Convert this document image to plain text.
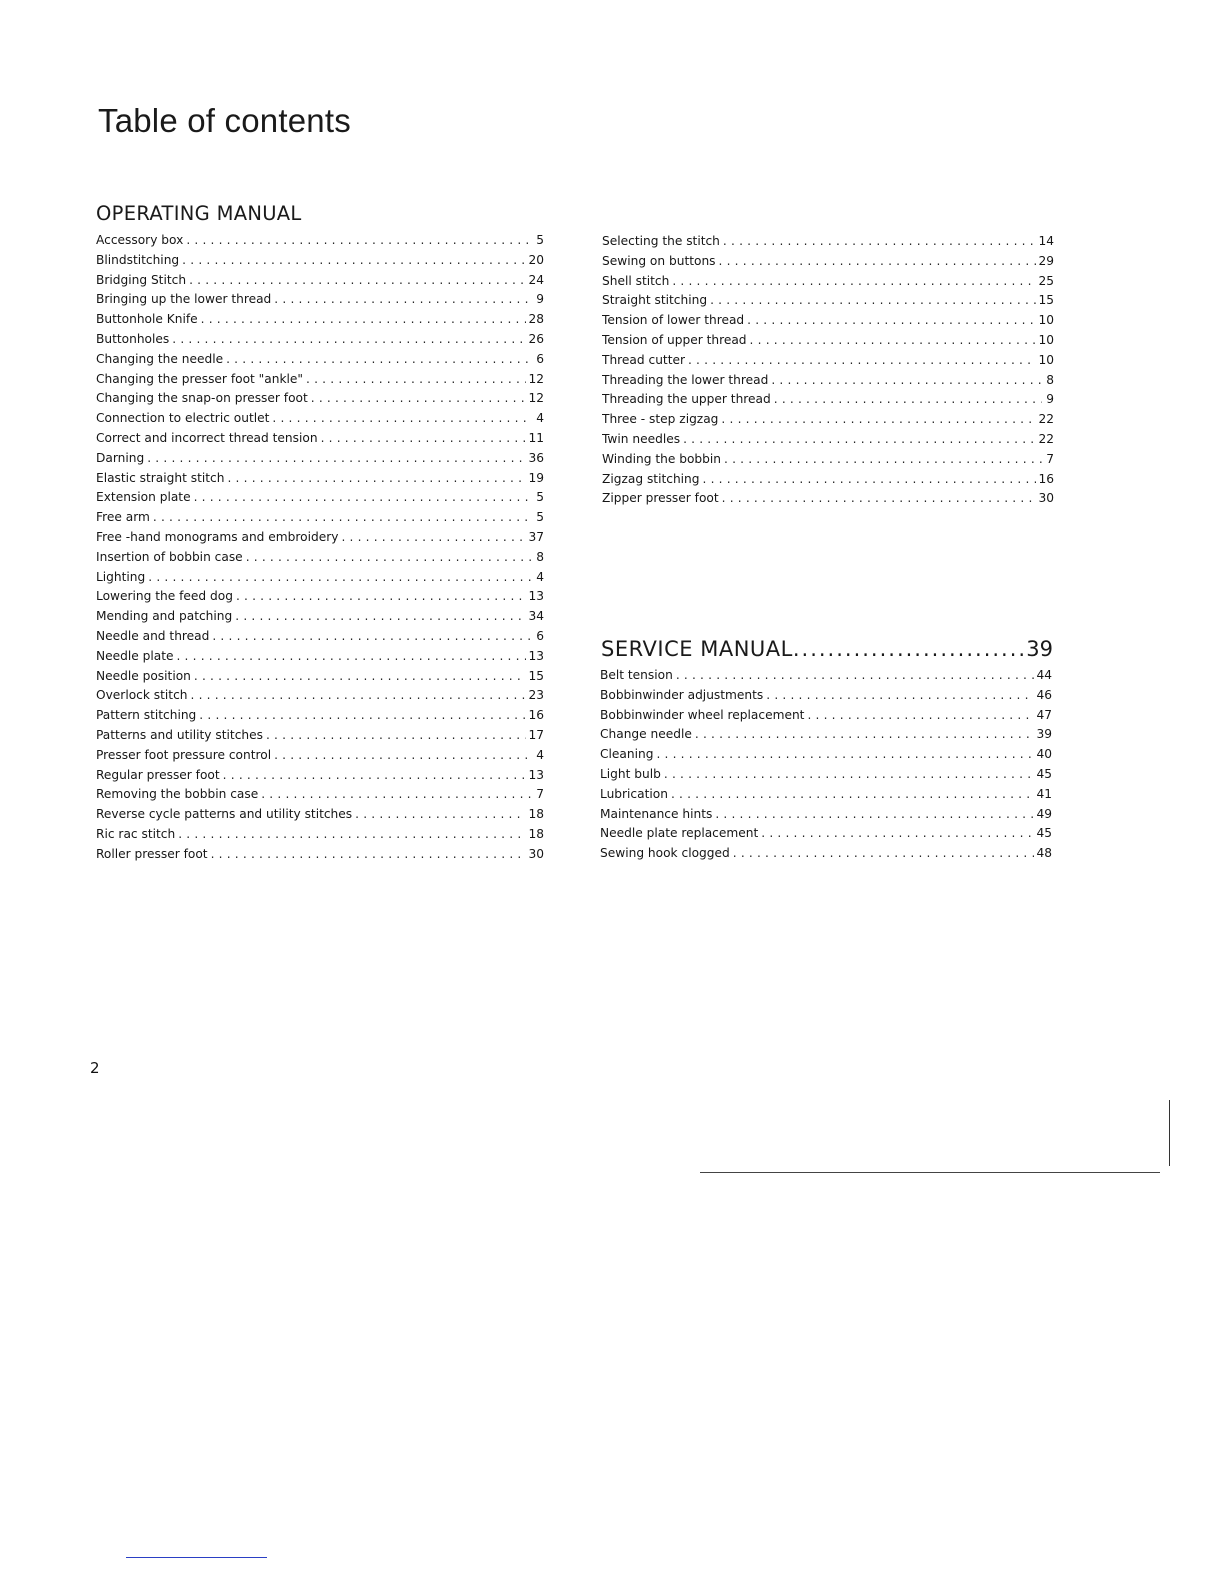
Table of contents
OPERATING MANUAL
Accessory box .....	5
Blindstitching .....	20
Bridging Stitch .....	24
Bringing up the lower thread .....	9
Buttonhole Knife .....	28
Buttonholes .....	26
Changing the needle .....	6
Changing the presser foot "ankle" .....	12
Changing the snap-on presser foot .....	12
Connection to electric outlet .....	4
Correct and incorrect thread tension .....	11
Darning .....	36
Elastic straight stitch .....	19
Extension plate .....	5
Free arm .....	5
Free -hand monograms and embroidery .....	37
Insertion of bobbin case .....	8
Lighting .....	4
Lowering the feed dog .....	13
Mending and patching .....	34
Needle and thread .....	6
Needle plate .....	13
Needle position .....	15
Overlock stitch .....	23
Pattern stitching .....	16
Patterns and utility stitches .....	17
Presser foot pressure control .....	4
Regular presser foot .....	13
Removing the bobbin case .....	7
Reverse cycle patterns and utility stitches .....	18
Ric rac stitch .....	18
Roller presser foot .....	30
Selecting the stitch .....	14
Sewing on buttons .....	29
Shell stitch .....	25
Straight stitching .....	15
Tension of lower thread .....	10
Tension of upper thread .....	10
Thread cutter .....	10
Threading the lower thread .....	8
Threading the upper thread .....	9
Three - step zigzag .....	22
Twin needles .....	22
Winding the bobbin .....	7
Zigzag stitching .....	16
Zipper presser foot .....	30
SERVICE MANUAL .....	39
Belt tension .....	44
Bobbinwinder adjustments .....	46
Bobbinwinder wheel replacement .....	47
Change needle .....	39
Cleaning .....	40
Light bulb .....	45
Lubrication .....	41
Maintenance hints .....	49
Needle plate replacement .....	45
Sewing hook clogged .....	48
2
